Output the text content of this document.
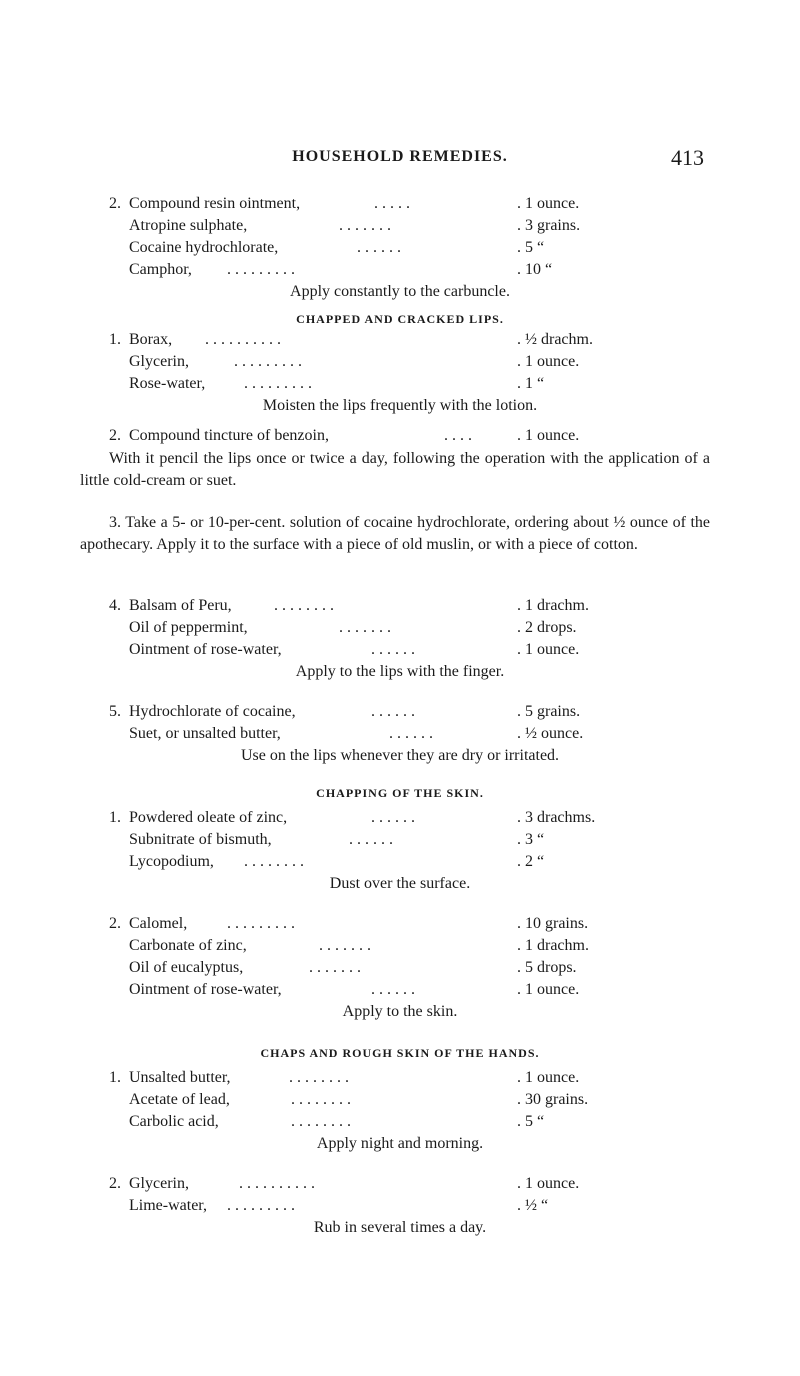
HOUSEHOLD REMEDIES.	413
2. Compound resin ointment,	. . . . .	. 1 ounce.
Atropine sulphate,	. . . . . . .	. 3 grains.
Cocaine hydrochlorate,	. . . . . .	. 5 “
Camphor, . . . . . . . . .	. 10 “
Apply constantly to the carbuncle.
CHAPPED AND CRACKED LIPS.
1. Borax, . . . . . . . . . .	. ½ drachm.
Glycerin,	. . . . . . . . .	. 1 ounce.
Rose-water, . . . . . . . . .	. 1 “
Moisten the lips frequently with the lotion.
2. Compound tincture of benzoin,	. . . .	. 1 ounce.

With it pencil the lips once or twice a day, following the operation with the application of a little cold-cream or suet.

3. Take a 5- or 10-per-cent. solution of cocaine hydrochlorate, ordering about ½ ounce of the apothecary. Apply it to the surface with a piece of old muslin, or with a piece of cotton.

4. Balsam of Peru,	. . . . . . . .	. 1 drachm.
Oil of peppermint,	. . . . . . .	. 2 drops.
Ointment of rose-water,	. . . . . .	. 1 ounce.
Apply to the lips with the finger.
5. Hydrochlorate of cocaine,	. . . . . .	. 5 grains.
Suet, or unsalted butter,	. . . . . .	. ½ ounce.
Use on the lips whenever they are dry or irritated.
CHAPPING OF THE SKIN.
1. Powdered oleate of zinc,	. . . . . .	. 3 drachms.
Subnitrate of bismuth,	. . . . . .	. 3 “
Lycopodium, . . . . . . . .	. 2 “
Dust over the surface.
2. Calomel, . . . . . . . . .	. 10 grains.
Carbonate of zinc,	. . . . . . .	. 1 drachm.
Oil of eucalyptus,	. . . . . . .	. 5 drops.
Ointment of rose-water,	. . . . . .	. 1 ounce.
Apply to the skin.
CHAPS AND ROUGH SKIN OF THE HANDS.
1. Unsalted butter,	. . . . . . . .	. 1 ounce.
Acetate of lead,	. . . . . . . .	. 30 grains.
Carbolic acid,	. . . . . . . .	. 5 “
Apply night and morning.
2. Glycerin,	. . . . . . . . . .	. 1 ounce.
Lime-water, . . . . . . . . .	. ½ “
Rub in several times a day.
